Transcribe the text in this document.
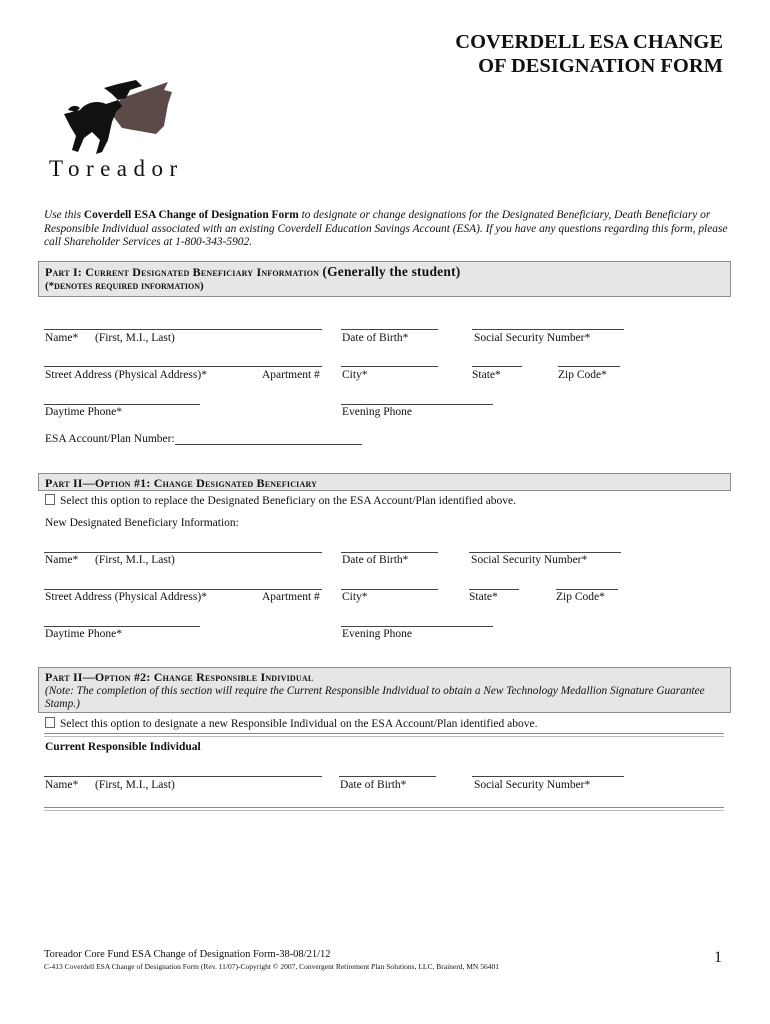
COVERDELL ESA CHANGE
OF DESIGNATION FORM
Toreador
Use this Coverdell ESA Change of Designation Form to designate or change designations for the Designated Beneficiary, Death Beneficiary or Responsible Individual associated with an existing Coverdell Education Savings Account (ESA). If you have any questions regarding this form, please call Shareholder Services at 1-800-343-5902.
Part I: Current Designated Beneficiary Information (Generally the student)
(*denotes required information)
Name* (First, M.I., Last)	Date of Birth*	Social Security Number*
Street Address (Physical Address)*	Apartment # City*	State*	Zip Code*
Daytime Phone*	Evening Phone
ESA Account/Plan Number:
Part II—Option #1: Change Designated Beneficiary
Select this option to replace the Designated Beneficiary on the ESA Account/Plan identified above.
New Designated Beneficiary Information:
Name* (First, M.I., Last)	Date of Birth*	Social Security Number*
Street Address (Physical Address)*	Apartment # City*	State*	Zip Code*
Daytime Phone*	Evening Phone
Part II—Option #2: Change Responsible Individual
(Note: The completion of this section will require the Current Responsible Individual to obtain a New Technology Medallion Signature Guarantee Stamp.)
Select this option to designate a new Responsible Individual on the ESA Account/Plan identified above.
Current Responsible Individual
Name* (First, M.I., Last)	Date of Birth*	Social Security Number*
Toreador Core Fund ESA Change of Designation Form-38-08/21/12
C-413 Coverdell ESA Change of Designation Form (Rev. 11/07)-Copyright © 2007, Convergent Retirement Plan Solutions, LLC, Brainerd, MN 56401
1
